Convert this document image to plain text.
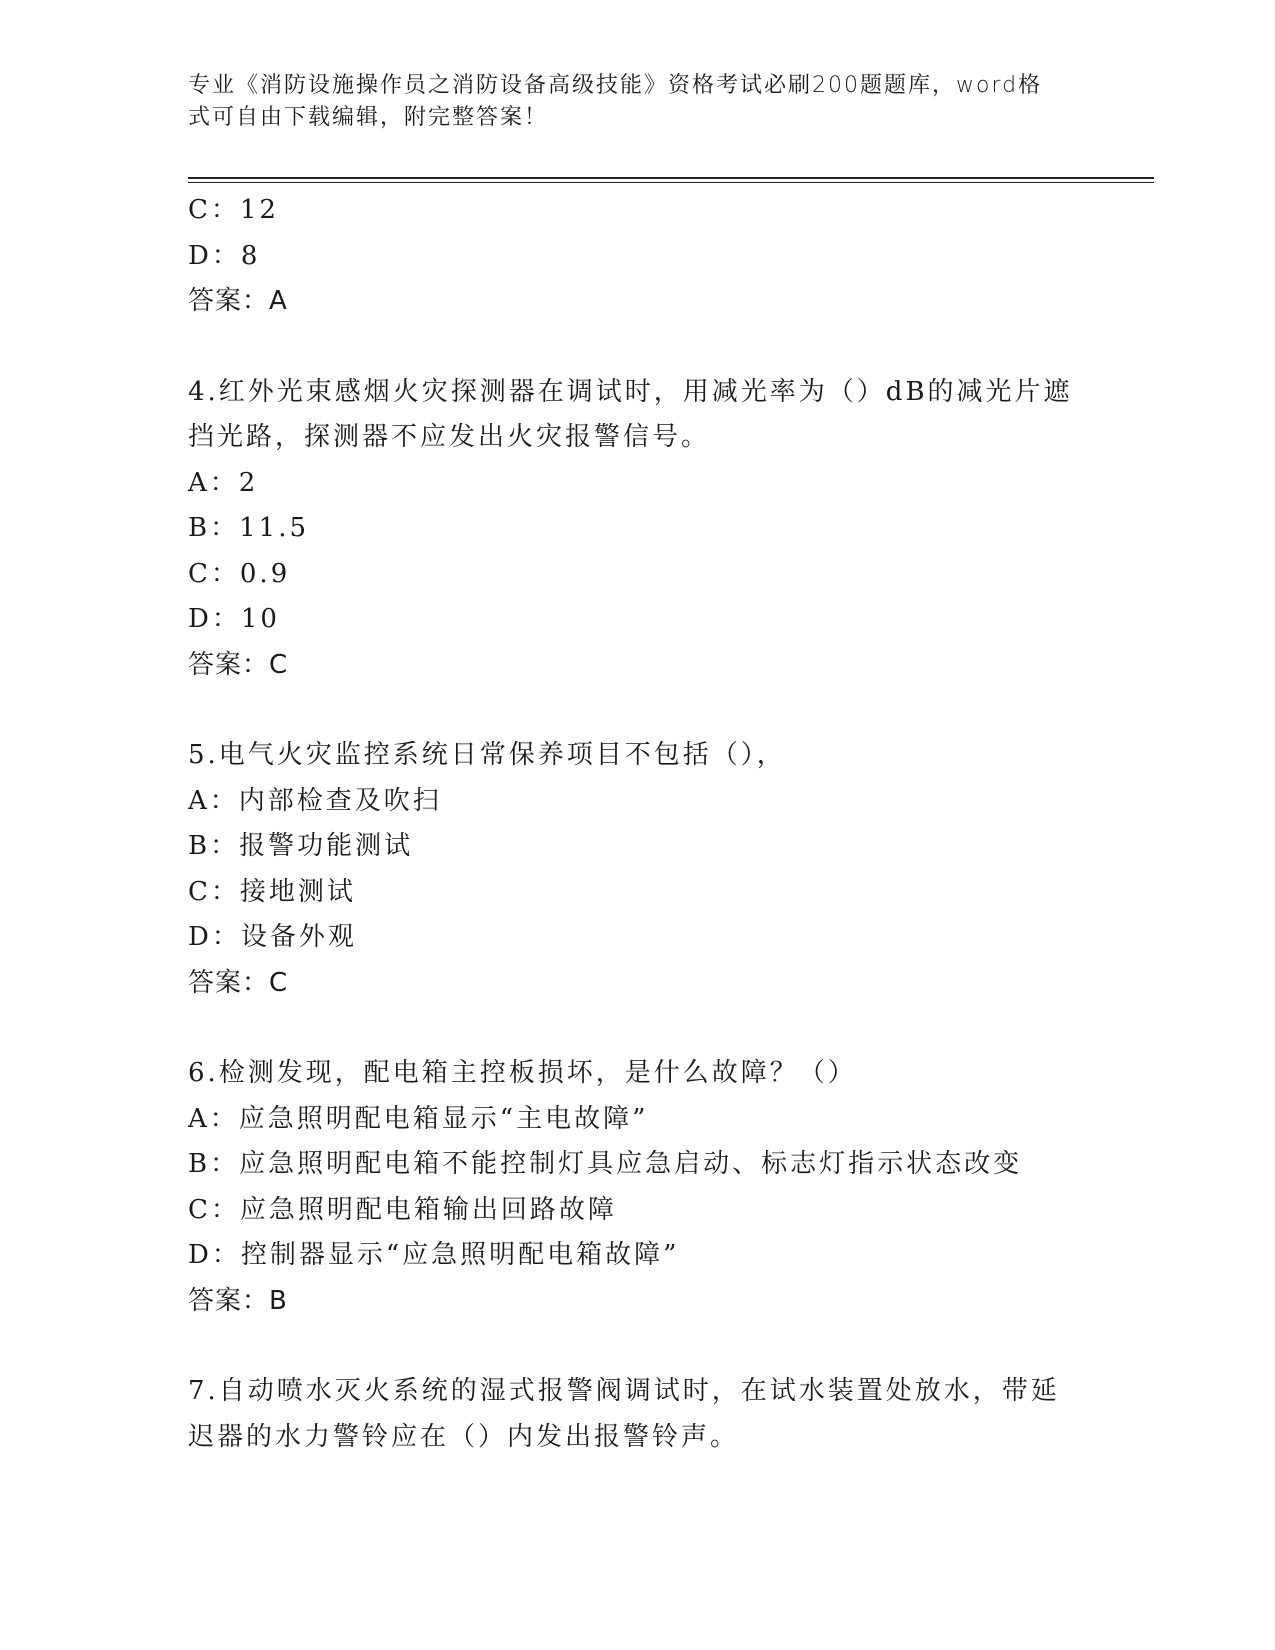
专业《消防设施操作员之消防设备高级技能》资格考试必刷200题题库，word格
式可自由下载编辑，附完整答案！
C：12
D：8
答案：A
4.红外光束感烟火灾探测器在调试时，用减光率为（）dB的减光片遮
挡光路，探测器不应发出火灾报警信号。
A：2
B：11.5
C：0.9
D：10
答案：C
5.电气火灾监控系统日常保养项目不包括（），
A：内部检查及吹扫
B：报警功能测试
C：接地测试
D：设备外观
答案：C
6.检测发现，配电箱主控板损坏，是什么故障？（）
A：应急照明配电箱显示“主电故障”
B：应急照明配电箱不能控制灯具应急启动、标志灯指示状态改变
C：应急照明配电箱输出回路故障
D：控制器显示“应急照明配电箱故障”
答案：B
7.自动喷水灭火系统的湿式报警阀调试时，在试水装置处放水，带延
迟器的水力警铃应在（）内发出报警铃声。
